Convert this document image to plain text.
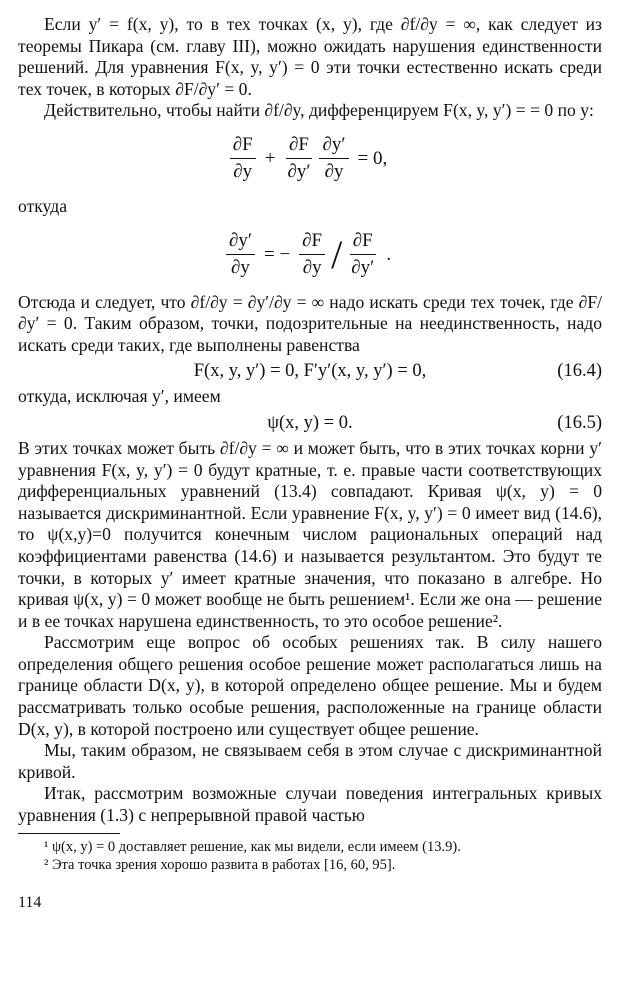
Если y′ = f(x, y), то в тех точках (x, y), где ∂f/∂y = ∞, как следует из теоремы Пикара (см. главу III), можно ожидать нарушения единственности решений. Для уравнения F(x, y, y′) = 0 эти точки естественно искать среди тех точек, в которых ∂F/∂y′ = 0.

Действительно, чтобы найти ∂f/∂y, дифференцируем F(x, y, y′) = = 0 по y:

$\frac{\partial F}{\partial y} + \frac{\partial F}{\partial y'} \frac{\partial y'}{\partial y} = 0$,

откуда

$\frac{\partial y'}{\partial y}$ = − $\frac{\partial F}{\partial y} / \frac{\partial F}{\partial y'}$ .

Отсюда и следует, что ∂f/∂y = ∂y′/∂y = ∞ надо искать среди тех точек, где ∂F/∂y′ = 0. Таким образом, точки, подозрительные на неединственность, надо искать среди таких, где выполнены равенства

F(x, y, y′) = 0, F′y′(x, y, y′) = 0,	(16.4)

откуда, исключая y′, имеем

ψ(x, y) = 0.	(16.5)

В этих точках может быть ∂f/∂y = ∞ и может быть, что в этих точках корни y′ уравнения F(x, y, y′) = 0 будут кратные, т. е. правые части соответствующих дифференциальных уравнений (13.4) совпадают. Кривая ψ(x, y) = 0 называется дискриминантной. Если уравнение F(x, y, y′) = 0 имеет вид (14.6), то ψ(x,y)=0 получится конечным числом рациональных операций над коэффициентами равенства (14.6) и называется результантом. Это будут те точки, в которых y′ имеет кратные значения, что показано в алгебре. Но кривая ψ(x, y) = 0 может вообще не быть решением¹. Если же она — решение и в ее точках нарушена единственность, то это особое решение².

Рассмотрим еще вопрос об особых решениях так. В силу нашего определения общего решения особое решение может располагаться лишь на границе области D(x, y), в которой определено общее решение. Мы и будем рассматривать только особые решения, расположенные на границе области D(x, y), в которой построено или существует общее решение.

Мы, таким образом, не связываем себя в этом случае с дискриминантной кривой.

Итак, рассмотрим возможные случаи поведения интегральных кривых уравнения (1.3) с непрерывной правой частью

¹ ψ(x, y) = 0 доставляет решение, как мы видели, если имеем (13.9).

² Эта точка зрения хорошо развита в работах [16, 60, 95].

114
